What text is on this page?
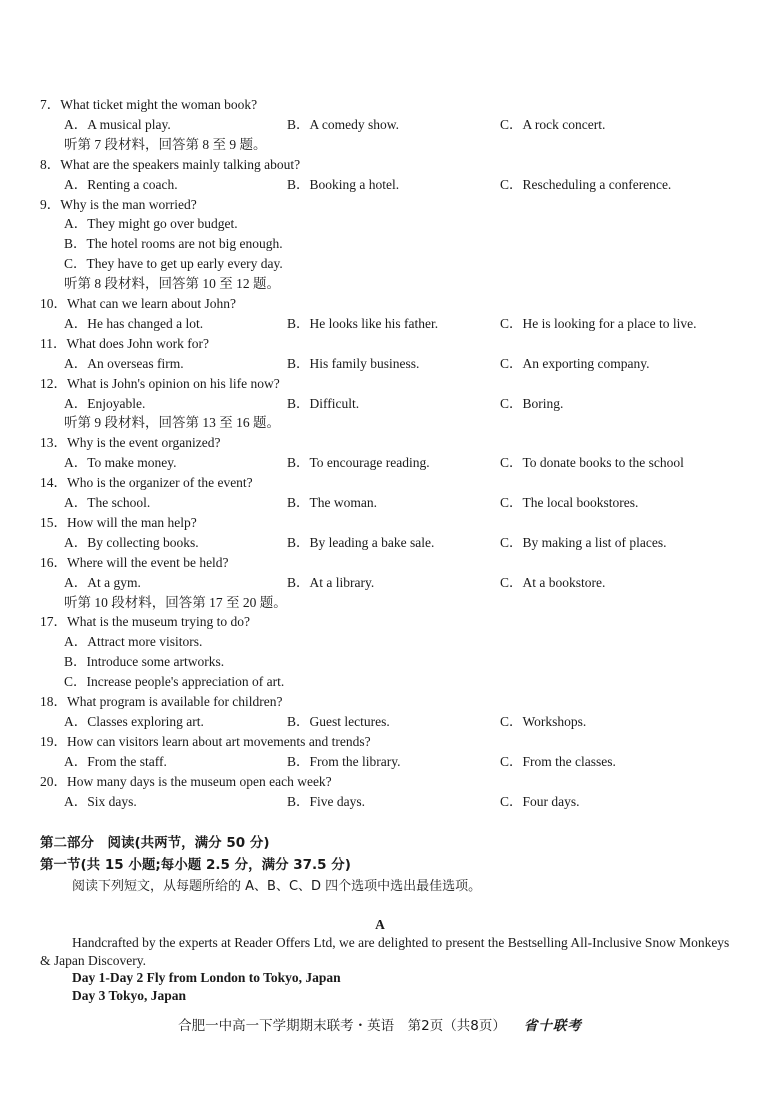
7．What ticket might the woman book?
A．A musical play.	B．A comedy show.	C．A rock concert.
听第 7 段材料，回答第 8 至 9 题。
8．What are the speakers mainly talking about?
A．Renting a coach.	B．Booking a hotel.	C．Rescheduling a conference.
9．Why is the man worried?
A．They might go over budget.
B．The hotel rooms are not big enough.
C．They have to get up early every day.
听第 8 段材料，回答第 10 至 12 题。
10．What can we learn about John?
A．He has changed a lot.	B．He looks like his father.	C．He is looking for a place to live.
11．What does John work for?
A．An overseas firm.	B．His family business.	C．An exporting company.
12．What is John's opinion on his life now?
A．Enjoyable.	B．Difficult.	C．Boring.
听第 9 段材料，回答第 13 至 16 题。
13．Why is the event organized?
A．To make money.	B．To encourage reading.	C．To donate books to the school
14．Who is the organizer of the event?
A．The school.	B．The woman.	C．The local bookstores.
15．How will the man help?
A．By collecting books.	B．By leading a bake sale.	C．By making a list of places.
16．Where will the event be held?
A．At a gym.	B．At a library.	C．At a bookstore.
听第 10 段材料，回答第 17 至 20 题。
17．What is the museum trying to do?
A．Attract more visitors.
B．Introduce some artworks.
C．Increase people's appreciation of art.
18．What program is available for children?
A．Classes exploring art.	B．Guest lectures.	C．Workshops.
19．How can visitors learn about art movements and trends?
A．From the staff.	B．From the library.	C．From the classes.
20．How many days is the museum open each week?
A．Six days.	B．Five days.	C．Four days.
第二部分　阅读(共两节，满分 50 分)
第一节(共 15 小题;每小题 2.5 分，满分 37.5 分)
阅读下列短文，从每题所给的 A、B、C、D 四个选项中选出最佳选项。
A
Handcrafted by the experts at Reader Offers Ltd, we are delighted to present the Bestselling All-Inclusive Snow Monkeys & Japan Discovery.
Day 1-Day 2 Fly from London to Tokyo, Japan
Day 3 Tokyo, Japan
合肥一中高一下学期期末联考・英语　第2页（共8页） 省十联考
